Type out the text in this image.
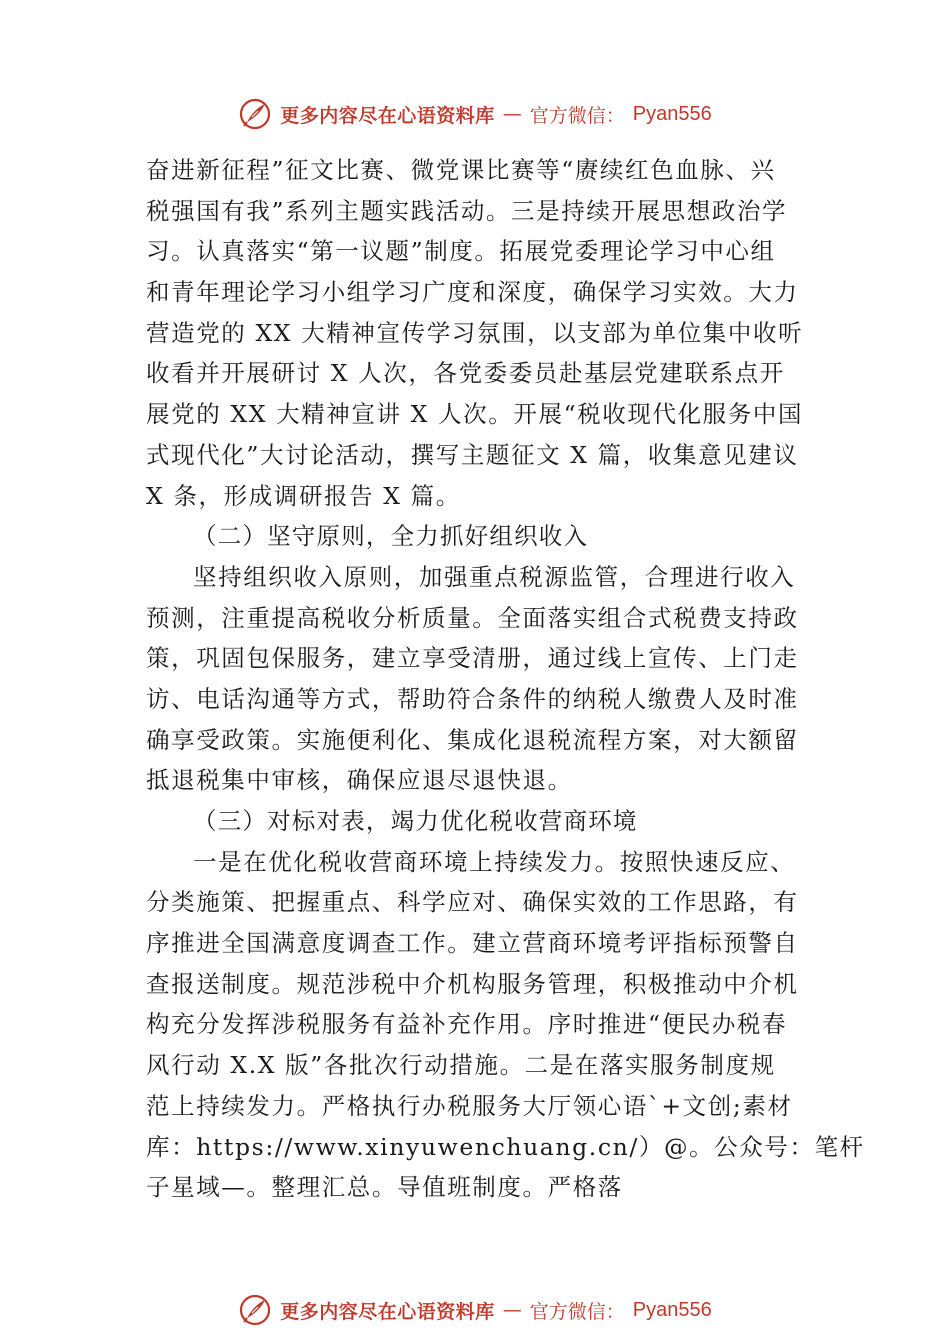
更多内容尽在心语资料库 — 官方微信： Pyan556
奋进新征程”征文比赛、微党课比赛等“赓续红色血脉、兴
税强国有我”系列主题实践活动。三是持续开展思想政治学
习。认真落实“第一议题”制度。拓展党委理论学习中心组
和青年理论学习小组学习广度和深度，确保学习实效。大力
营造党的 XX 大精神宣传学习氛围，以支部为单位集中收听
收看并开展研讨 X 人次，各党委委员赴基层党建联系点开
展党的 XX 大精神宣讲 X 人次。开展“税收现代化服务中国
式现代化”大讨论活动，撰写主题征文 X 篇，收集意见建议
X 条，形成调研报告 X 篇。
（二）坚守原则，全力抓好组织收入
坚持组织收入原则，加强重点税源监管，合理进行收入
预测，注重提高税收分析质量。全面落实组合式税费支持政
策，巩固包保服务，建立享受清册，通过线上宣传、上门走
访、电话沟通等方式，帮助符合条件的纳税人缴费人及时准
确享受政策。实施便利化、集成化退税流程方案，对大额留
抵退税集中审核，确保应退尽退快退。
（三）对标对表，竭力优化税收营商环境
一是在优化税收营商环境上持续发力。按照快速反应、
分类施策、把握重点、科学应对、确保实效的工作思路，有
序推进全国满意度调查工作。建立营商环境考评指标预警自
查报送制度。规范涉税中介机构服务管理，积极推动中介机
构充分发挥涉税服务有益补充作用。序时推进“便民办税春
风行动 X.X 版”各批次行动措施。二是在落实服务制度规
范上持续发力。严格执行办税服务大厅领心语`+文创;素材
库：https://www.xinyuwenchuang.cn/）@。公众号：笔杆
子星域—。整理汇总。导值班制度。严格落
更多内容尽在心语资料库 — 官方微信： Pyan556
